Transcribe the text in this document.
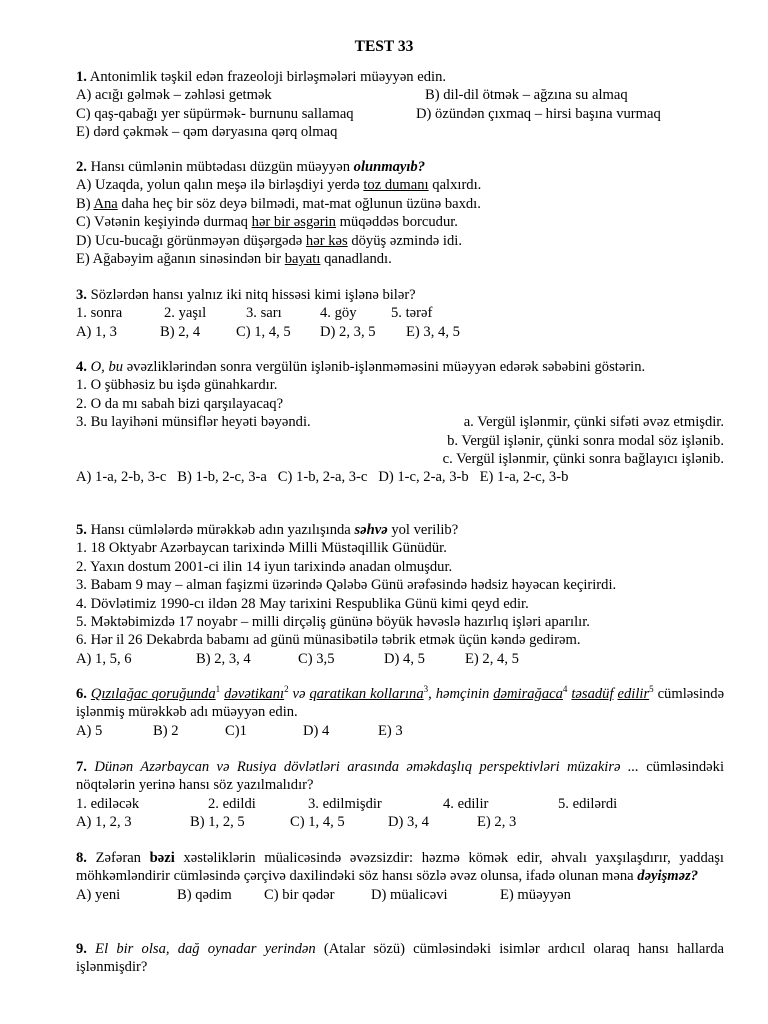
TEST 33
1. Antonimlik təşkil edən frazeoloji birləşmələri müəyyən edin.
A) acığı gəlmək – zəhləsi getmək	B) dil-dil ötmək – ağzına su almaq
C) qaş-qabağı yer süpürmək- burnunu sallamaq	D) özündən çıxmaq – hirsi başına vurmaq
E) dərd çəkmək – qəm dəryasına qərq olmaq
2. Hansı cümlənin mübtədası düzgün müəyyən olunmayıb?
A) Uzaqda, yolun qalın meşə ilə birləşdiyi yerdə toz dumanı qalxırdı.
B) Ana daha heç bir söz deyə bilmədi, mat-mat oğlunun üzünə baxdı.
C) Vətənin keşiyində durmaq hər bir əsgərin müqəddəs borcudur.
D) Ucu-bucağı görünməyən düşərgədə hər kəs döyüş əzmində idi.
E) Ağabəyim ağanın sinəsindən bir bayatı qanadlandı.
3. Sözlərdən hansı yalnız iki nitq hissəsi kimi işlənə bilər?
1. sonra	2. yaşıl	3. sarı	4. göy 5. tərəf
A) 1, 3	B) 2, 4 C) 1, 4, 5 D) 2, 3, 5 E) 3, 4, 5
4. O, bu əvəzliklərindən sonra vergülün işlənib-işlənməməsini müəyyən edərək səbəbini göstərin.
1. O şübhəsiz bu işdə günahkardır.
2. O da mı sabah bizi qarşılayacaq?
3. Bu layihəni münsiflər heyəti bəyəndi.	a. Vergül işlənmir, çünki sifəti əvəz etmişdir.
b. Vergül işlənir, çünki sonra modal söz işlənib.
c. Vergül işlənmir, çünki sonra bağlayıcı işlənib.
A) 1-a, 2-b, 3-c   B) 1-b, 2-c, 3-a   C) 1-b, 2-a, 3-c   D) 1-c, 2-a, 3-b   E) 1-a, 2-c, 3-b
5. Hansı cümlələrdə mürəkkəb adın yazılışında səhvə yol verilib?
1. 18 Oktyabr Azərbaycan tarixində Milli Müstəqillik Günüdür.
2. Yaxın dostum 2001-ci ilin 14 iyun tarixində anadan olmuşdur.
3. Babam 9 may – alman faşizmi üzərində Qələbə Günü ərəfəsində hədsiz həyəcan keçirirdi.
4. Dövlətimiz 1990-cı ildən 28 May tarixini Respublika Günü kimi qeyd edir.
5. Məktəbimizdə 17 noyabr – milli dirçəliş gününə böyük həvəslə hazırlıq işləri aparılır.
6. Hər il 26 Dekabrda babamı ad günü münasibətilə təbrik etmək üçün kəndə gedirəm.
A) 1, 5, 6	B) 2, 3, 4	C) 3,5	D) 4, 5	E) 2, 4, 5
6. Qızılağac qoruğunda$^1$ dəvətikanı$^2$ və qaratikan kollarına$^3$, həmçinin dəmirağaca$^4$ təsadüf edilir$^5$ cümləsində işlənmiş mürəkkəb adı müəyyən edin.
A) 5	B) 2	C)1	D) 4	E) 3
7. Dünən Azərbaycan və Rusiya dövlətləri arasında əməkdaşlıq perspektivləri müzakirə ... cümləsindəki nöqtələrin yerinə hansı söz yazılmalıdır?
1. ediləcək	2. edildi	3. edilmişdir	4. edilir	5. edilərdi
A) 1, 2, 3	B) 1, 2, 5	C) 1, 4, 5	D) 3, 4	E) 2, 3
8. Zəfəran bəzi xəstəliklərin müalicəsində əvəzsizdir: həzmə kömək edir, əhvalı yaxşılaşdırır, yaddaşı möhkəmləndirir cümləsində çərçivə daxilindəki söz hansı sözlə əvəz olunsa, ifadə olunan məna dəyişməz?
A) yeni	B) qədim C) bir qədər D) müalicəvi	E) müəyyən
9. El bir olsa, dağ oynadar yerindən (Atalar sözü) cümləsindəki isimlər ardıcıl olaraq hansı hallarda işlənmişdir?
